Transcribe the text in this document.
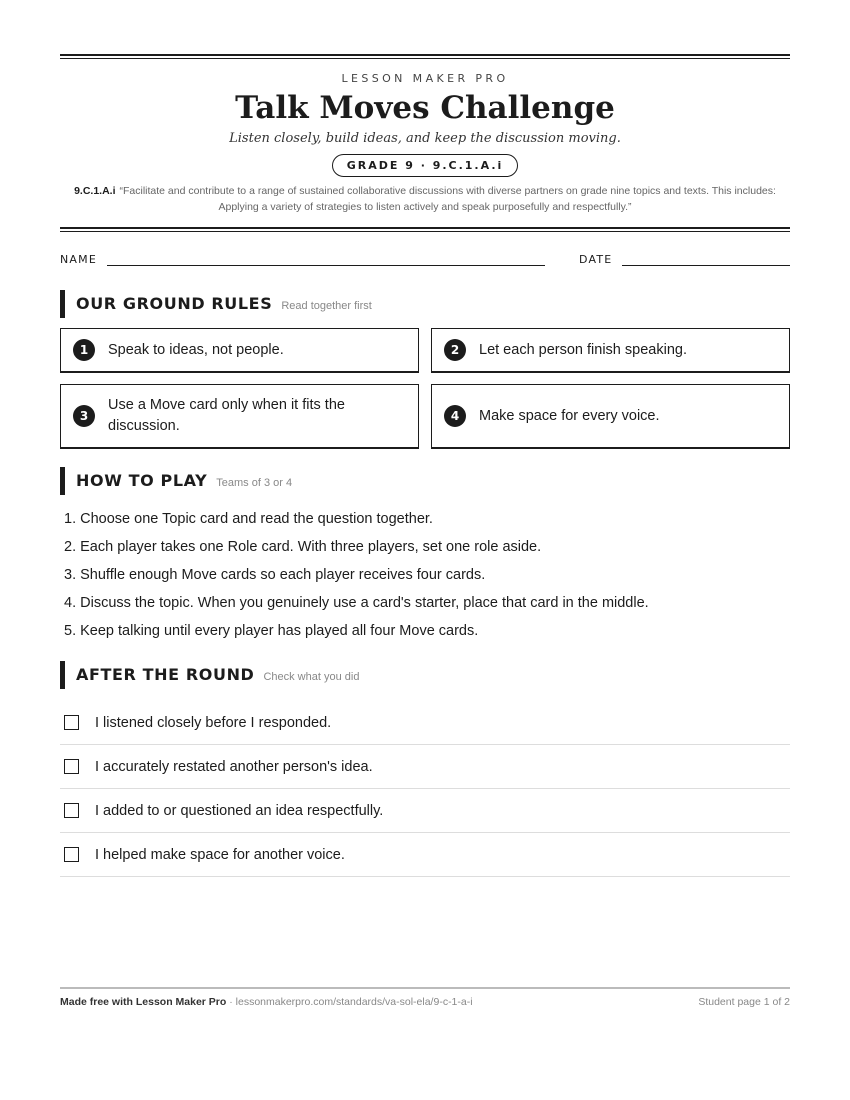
LESSON MAKER PRO
Talk Moves Challenge
Listen closely, build ideas, and keep the discussion moving.
GRADE 9 · 9.C.1.A.i

9.C.1.A.i “Facilitate and contribute to a range of sustained collaborative discussions with diverse partners on grade nine topics and texts. This includes: Applying a variety of strategies to listen actively and speak purposefully and respectfully.”

NAME	DATE
OUR GROUND RULES Read together first
1	Speak to ideas, not people.	2	Let each person finish speaking.
3
Use a Move card only when it fits the discussion.
4	Make space for every voice.
HOW TO PLAY Teams of 3 or 4
1. Choose one Topic card and read the question together.
2. Each player takes one Role card. With three players, set one role aside.
3. Shuffle enough Move cards so each player receives four cards.
4. Discuss the topic. When you genuinely use a card's starter, place that card in the middle.
5. Keep talking until every player has played all four Move cards.
AFTER THE ROUND Check what you did
I listened closely before I responded.
I accurately restated another person's idea.
I added to or questioned an idea respectfully.
I helped make space for another voice.
Made free with Lesson Maker Pro · lessonmakerpro.com/standards/va-sol-ela/9-c-1-a-i	Student page 1 of 2
